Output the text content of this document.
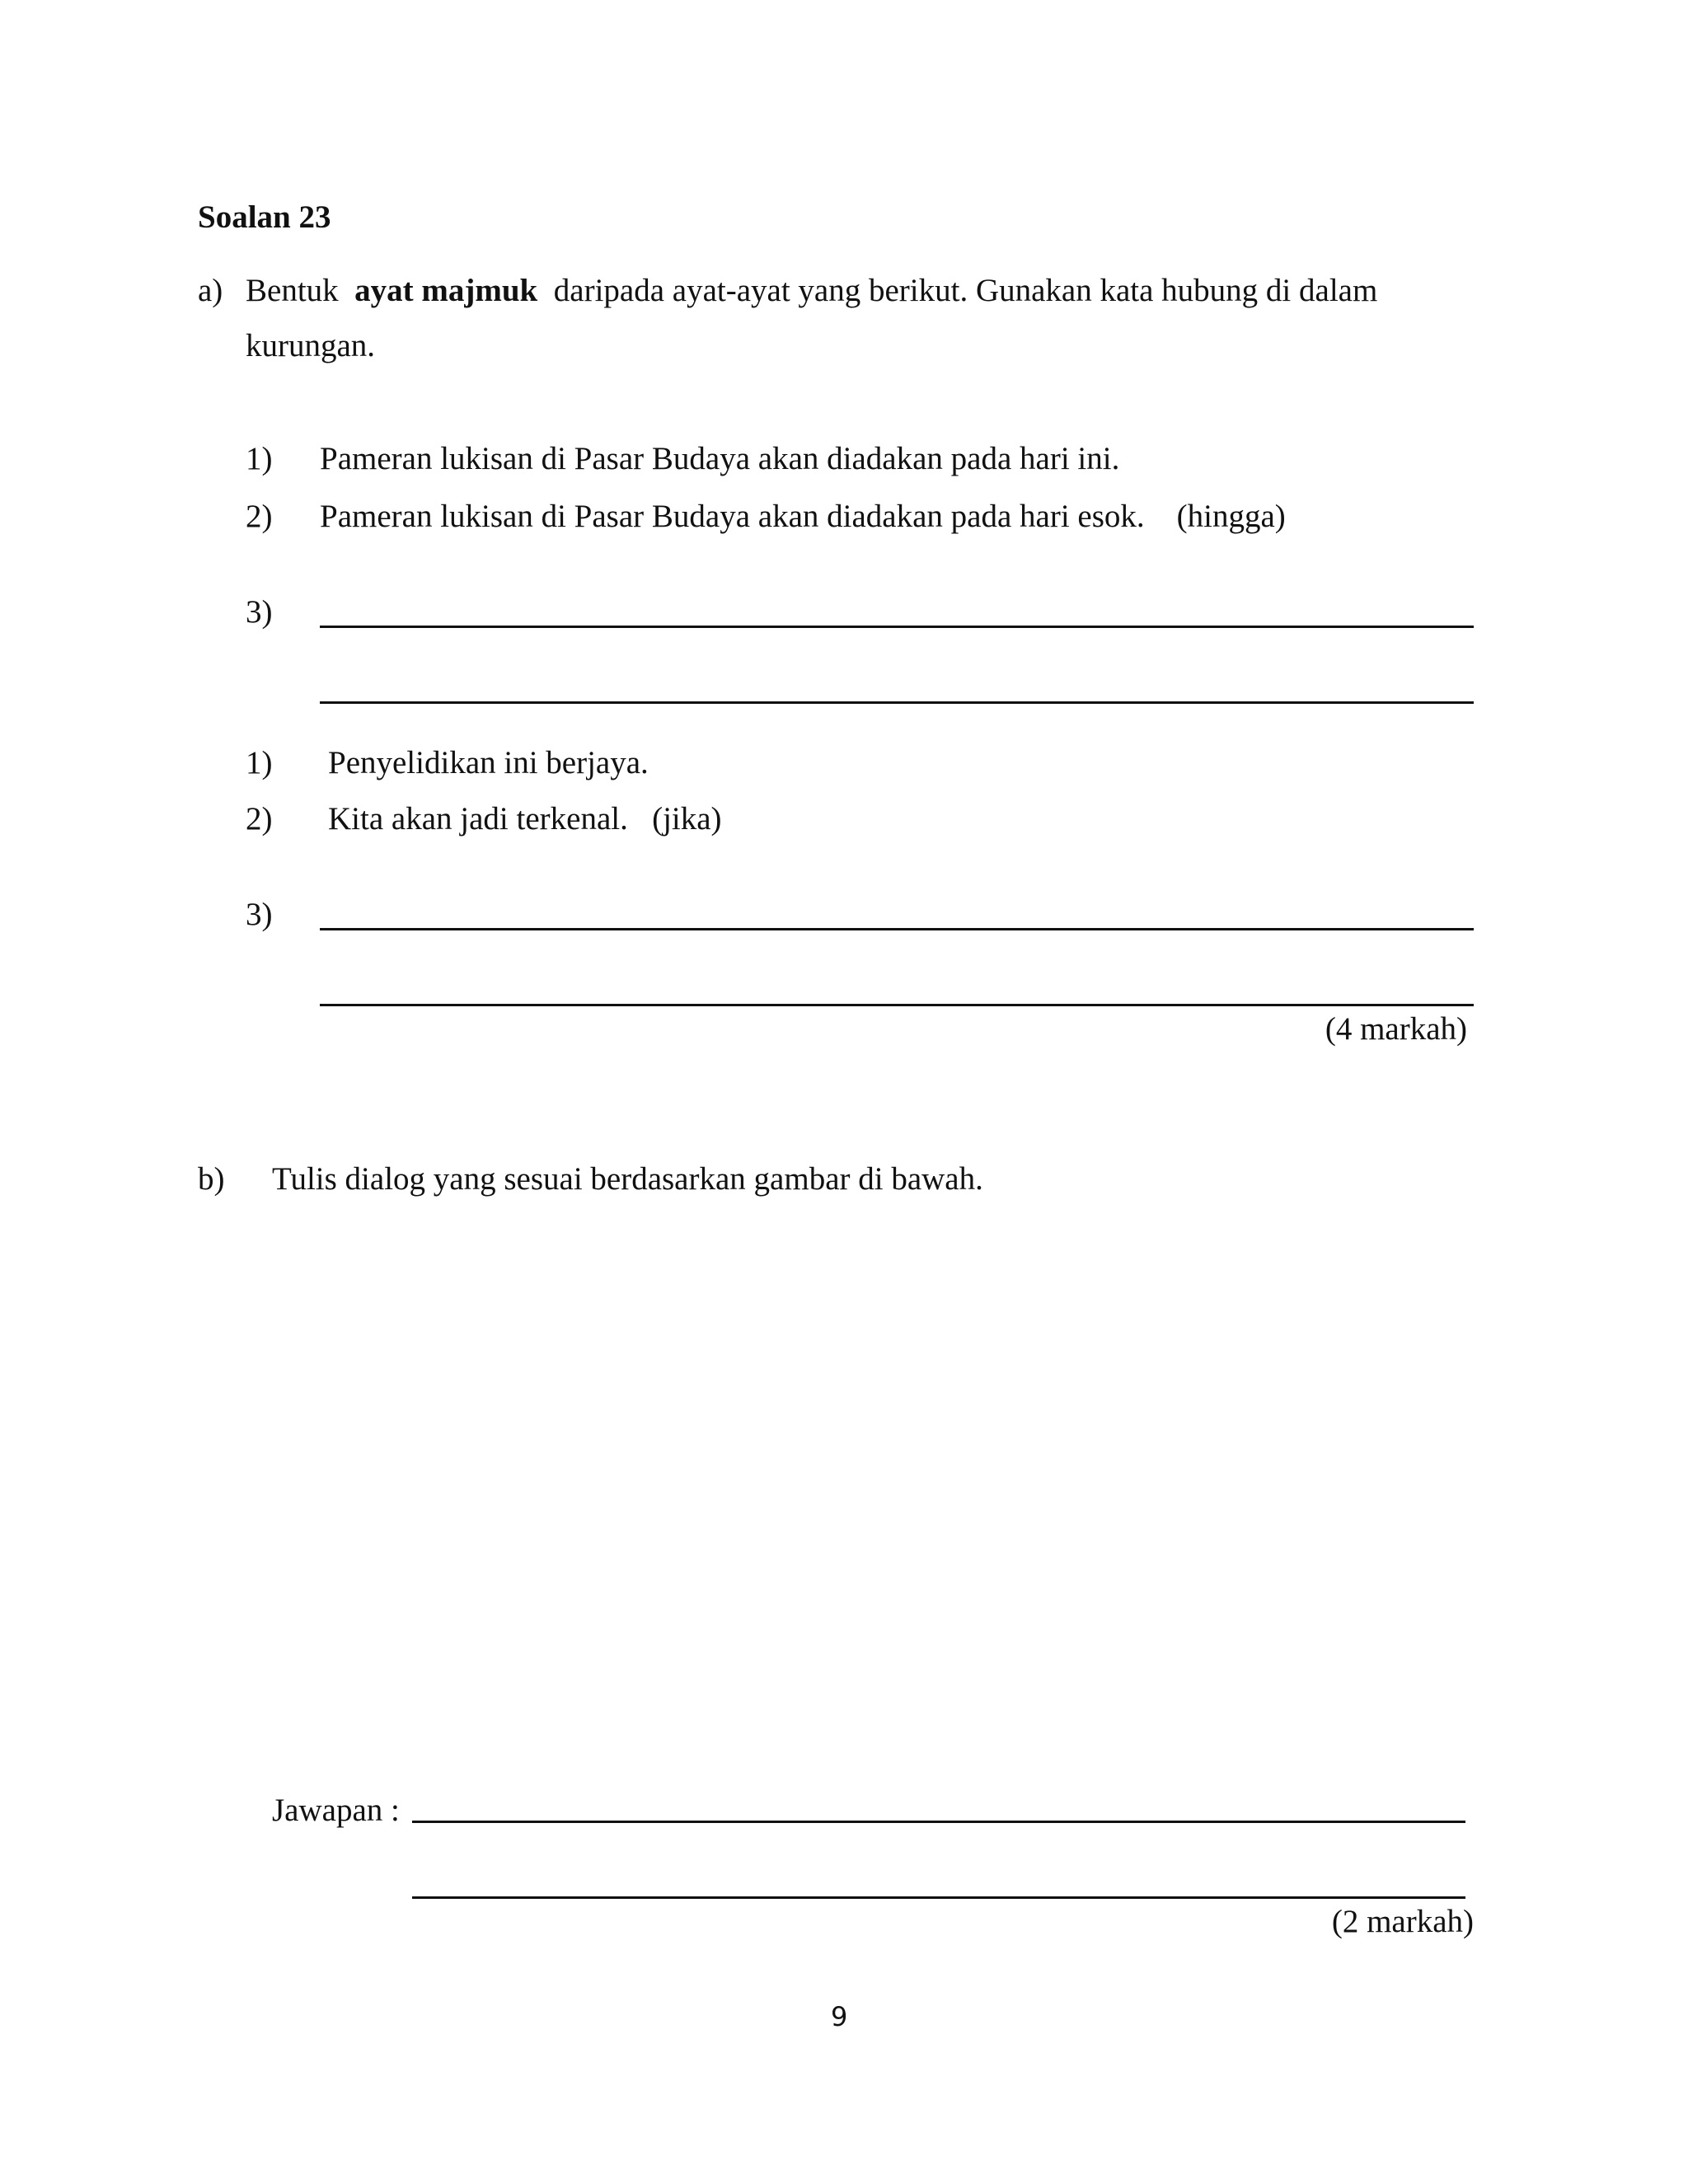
Soalan 23
a) Bentuk ayat majmuk daripada ayat-ayat yang berikut. Gunakan kata hubung di dalam
kurungan.
1) Pameran lukisan di Pasar Budaya akan diadakan pada hari ini.
2) Pameran lukisan di Pasar Budaya akan diadakan pada hari esok. (hingga)
3)
1) Penyelidikan ini berjaya.
2) Kita akan jadi terkenal. (jika)
3)
(4 markah)
b) Tulis dialog yang sesuai berdasarkan gambar di bawah.
Jawapan :
(2 markah)
9
